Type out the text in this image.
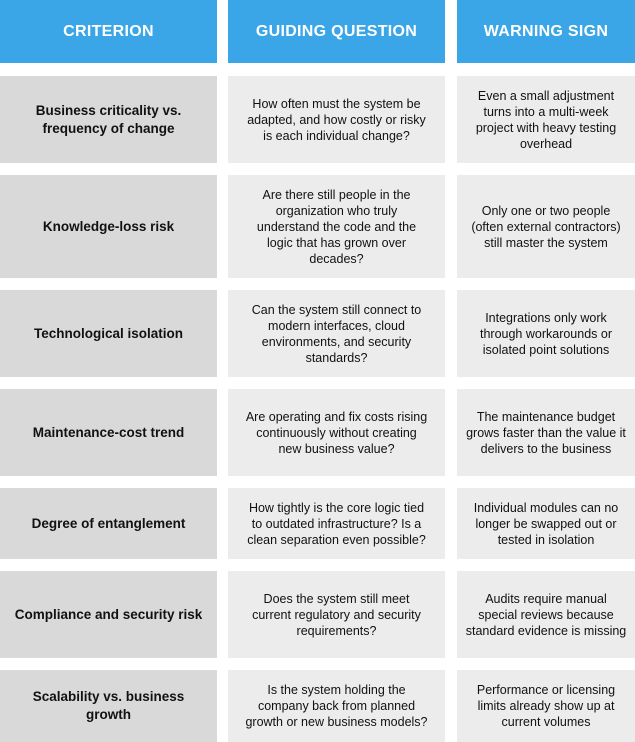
CRITERION	GUIDING QUESTION	WARNING SIGN
Business criticality vs. frequency of change
How often must the system be adapted, and how costly or risky is each individual change?
Even a small adjustment turns into a multi-week project with heavy testing overhead
Knowledge-loss risk
Are there still people in the organization who truly understand the code and the logic that has grown over decades?
Only one or two people (often external contractors) still master the system
Technological isolation
Can the system still connect to modern interfaces, cloud environments, and security standards?
Integrations only work through workarounds or isolated point solutions
Maintenance-cost trend
Are operating and fix costs rising continuously without creating new business value?
The maintenance budget grows faster than the value it delivers to the business
Degree of entanglement
How tightly is the core logic tied to outdated infrastructure? Is a clean separation even possible?
Individual modules can no longer be swapped out or tested in isolation
Compliance and security risk
Does the system still meet current regulatory and security requirements?
Audits require manual special reviews because standard evidence is missing
Scalability vs. business growth
Is the system holding the company back from planned growth or new business models?
Performance or licensing limits already show up at current volumes
